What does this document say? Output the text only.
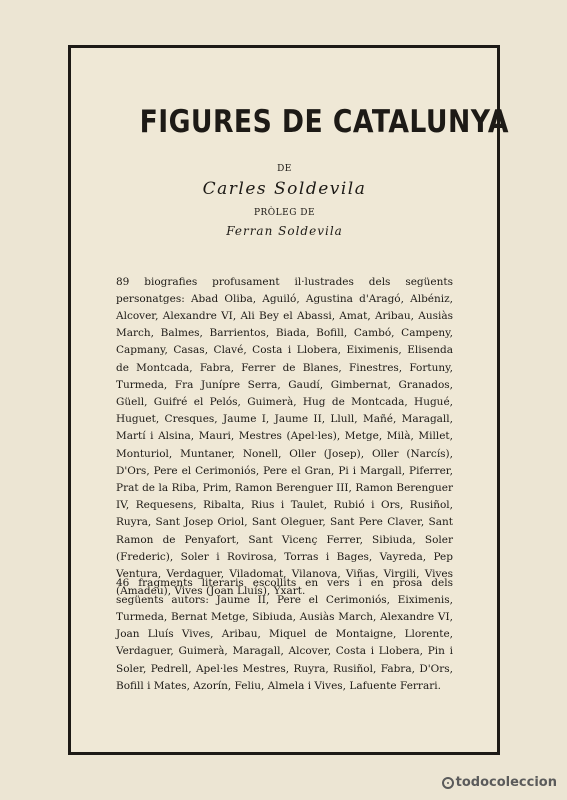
FIGURES DE CATALUNYA
DE
Carles Soldevila
PRÒLEG DE
Ferran Soldevila

89 biografies profusament il·lustrades dels següents personatges: Abad Oliba, Aguiló, Agustina d'Aragó, Albéniz, Alcover, Alexandre VI, Ali Bey el Abassi, Amat, Aribau, Ausiàs March, Balmes, Barrientos, Biada, Bofill, Cambó, Campeny, Capmany, Casas, Clavé, Costa i Llobera, Eiximenis, Elisenda de Montcada, Fabra, Ferrer de Blanes, Finestres, Fortuny, Turmeda, Fra Junípre Serra, Gaudí, Gimbernat, Granados, Güell, Guifré el Pelós, Guimerà, Hug de Montcada, Hugué, Huguet, Cresques, Jaume I, Jaume II, Llull, Mañé, Maragall, Martí i Alsina, Mauri, Mestres (Apel·les), Metge, Milà, Millet, Monturiol, Muntaner, Nonell, Oller (Josep), Oller (Narcís), D'Ors, Pere el Cerimoniós, Pere el Gran, Pi i Margall, Piferrer, Prat de la Riba, Prim, Ramon Berenguer III, Ramon Berenguer IV, Requesens, Ribalta, Rius i Taulet, Rubió i Ors, Rusiñol, Ruyra, Sant Josep Oriol, Sant Oleguer, Sant Pere Claver, Sant Ramon de Penyafort, Sant Vicenç Ferrer, Sibiuda, Soler (Frederic), Soler i Rovirosa, Torras i Bages, Vayreda, Pep Ventura, Verdaguer, Viladomat, Vilanova, Viñas, Virgili, Vives (Amadeu), Vives (Joan Lluís), Yxart.

46 fragments literaris escollits en vers i en prosa dels següents autors: Jaume II, Pere el Cerimoniós, Eiximenis, Turmeda, Bernat Metge, Sibiuda, Ausiàs March, Alexandre VI, Joan Lluís Vives, Aribau, Miquel de Montaigne, Llorente, Verdaguer, Guimerà, Maragall, Alcover, Costa i Llobera, Pin i Soler, Pedrell, Apel·les Mestres, Ruyra, Rusiñol, Fabra, D'Ors, Bofill i Mates, Azorín, Feliu, Almela i Vives, Lafuente Ferrari.

todocoleccion
